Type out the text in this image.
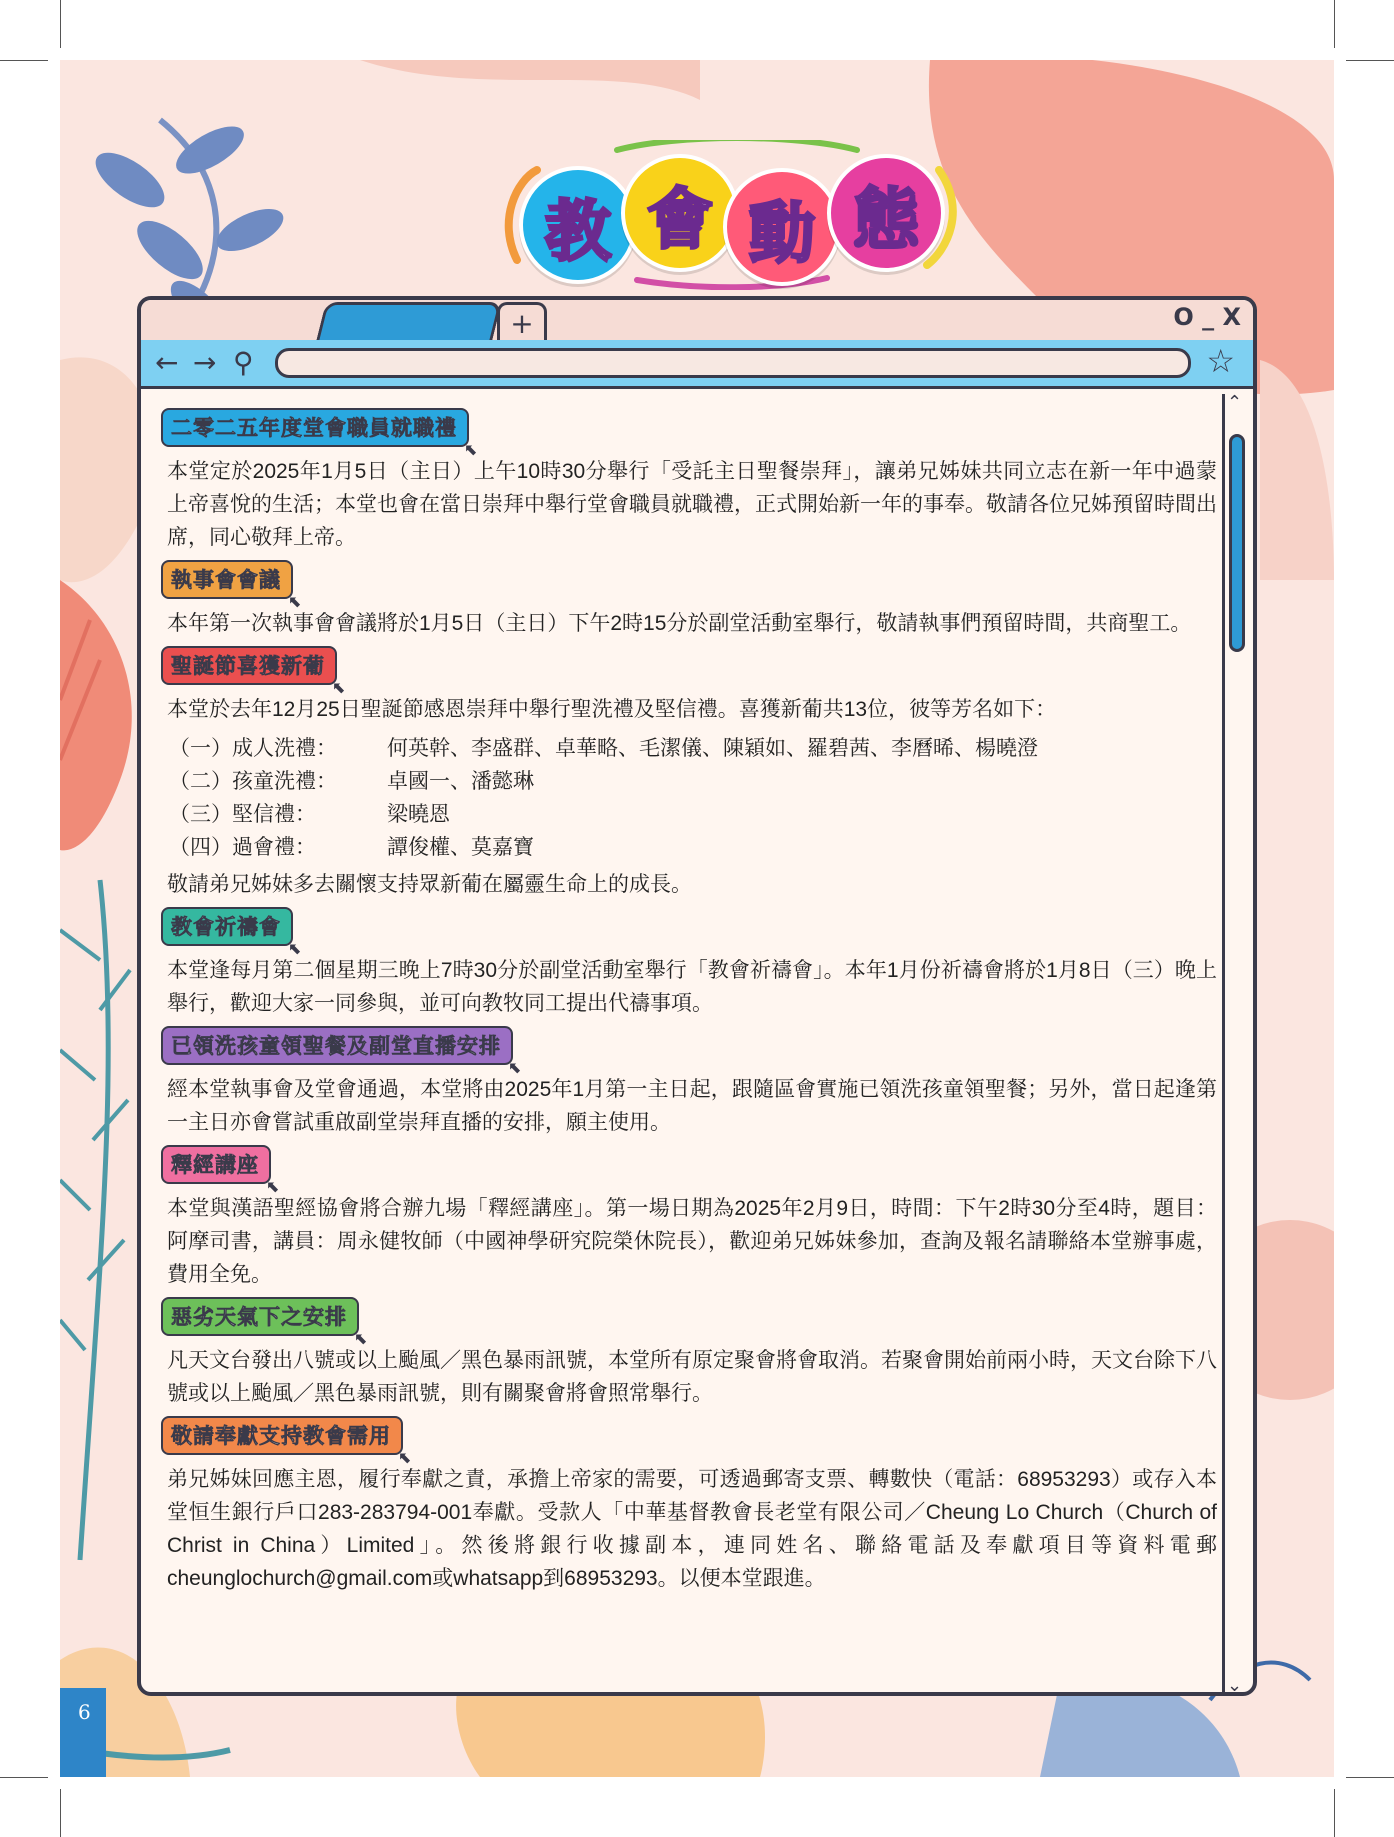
教 會 動 態
+	O _ X
← → ⚲	☆
⌃
⌄
二零二五年度堂會職員就職禮
⬉
本堂定於2025年1月5日（主日）上午10時30分舉行「受託主日聖餐崇拜」，讓弟兄姊妹共同立志在新一年中過蒙上帝喜悅的生活；本堂也會在當日崇拜中舉行堂會職員就職禮，正式開始新一年的事奉。敬請各位兄姊預留時間出席，同心敬拜上帝。
執事會會議
⬉
本年第一次執事會會議將於1月5日（主日）下午2時15分於副堂活動室舉行，敬請執事們預留時間，共商聖工。
聖誕節喜獲新葡
⬉
本堂於去年12月25日聖誕節感恩崇拜中舉行聖洗禮及堅信禮。喜獲新葡共13位，彼等芳名如下：
（一）成人洗禮：	何英幹、李盛群、卓華略、毛潔儀、陳穎如、羅碧茜、李曆晞、楊曉澄
（二）孩童洗禮：	卓國一、潘懿琳
（三）堅信禮：	梁曉恩
（四）過會禮：	譚俊權、莫嘉寶
敬請弟兄姊妹多去關懷支持眾新葡在屬靈生命上的成長。
教會祈禱會
⬉
本堂逢每月第二個星期三晚上7時30分於副堂活動室舉行「教會祈禱會」。本年1月份祈禱會將於1月8日（三）晚上舉行，歡迎大家一同參與，並可向教牧同工提出代禱事項。
已領洗孩童領聖餐及副堂直播安排
⬉
經本堂執事會及堂會通過，本堂將由2025年1月第一主日起，跟隨區會實施已領洗孩童領聖餐；另外，當日起逢第一主日亦會嘗試重啟副堂崇拜直播的安排，願主使用。
釋經講座
⬉
本堂與漢語聖經協會將合辦九場「釋經講座」。第一場日期為2025年2月9日，時間：下午2時30分至4時，題目：阿摩司書，講員：周永健牧師（中國神學研究院榮休院長），歡迎弟兄姊妹參加，查詢及報名請聯絡本堂辦事處，費用全免。
惡劣天氣下之安排
⬉
凡天文台發出八號或以上颱風／黑色暴雨訊號，本堂所有原定聚會將會取消。若聚會開始前兩小時，天文台除下八號或以上颱風／黑色暴雨訊號，則有關聚會將會照常舉行。
敬請奉獻支持教會需用
⬉
弟兄姊妹回應主恩，履行奉獻之責，承擔上帝家的需要，可透過郵寄支票、轉數快（電話：68953293）或存入本堂恒生銀行戶口283-283794-001奉獻。受款人「中華基督教會長老堂有限公司／Cheung Lo Church（Church of Christ in China）Limited」。然後將銀行收據副本，連同姓名、聯絡電話及奉獻項目等資料電郵cheunglochurch@gmail.com或whatsapp到68953293。以便本堂跟進。
6
